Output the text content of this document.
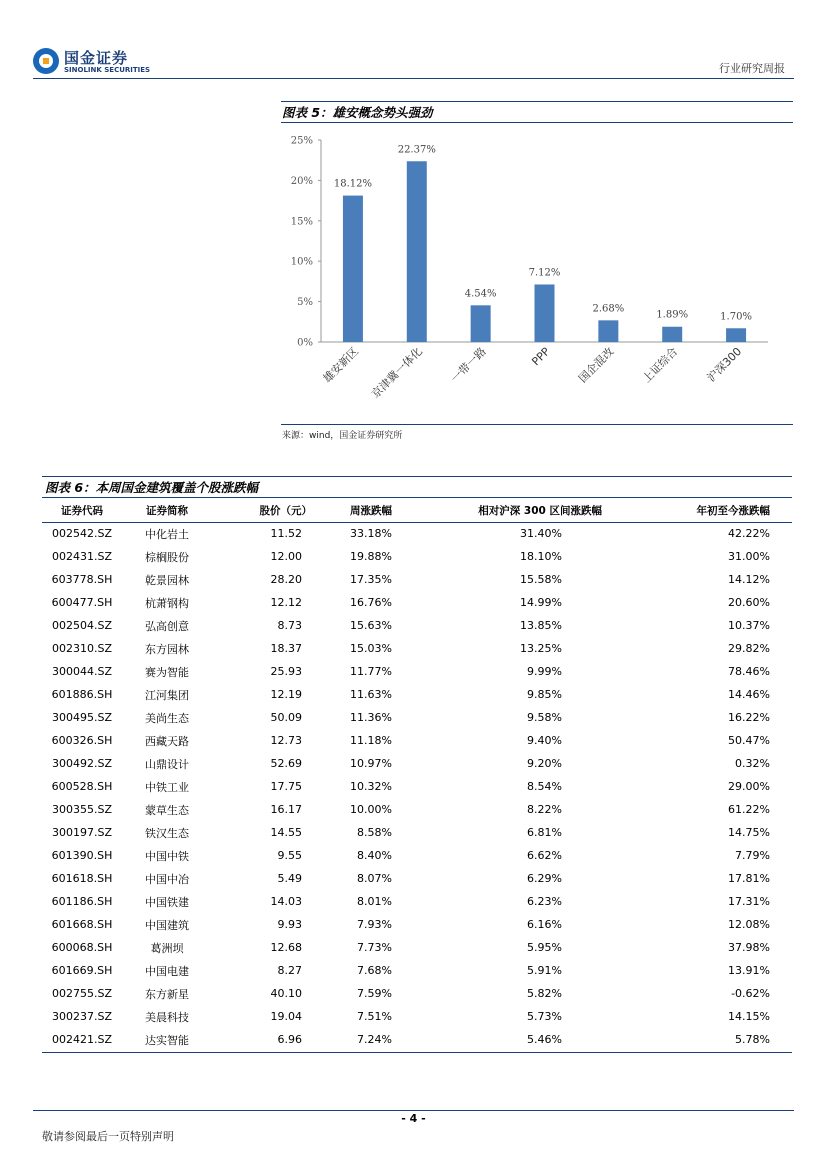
国金证券
SINOLINK SECURITIES	行业研究周报
图表 5：雄安概念势头强劲
0%
5%
10%
15%
20%
25%
18.12%
雄安新区
22.37%
京津冀一体化
4.54%
一带一路
7.12%
PPP
2.68%
国企混改
1.89%
上证综合
1.70%
沪深300
来源：wind，国金证券研究所
图表 6：本周国金建筑覆盖个股涨跌幅
证券代码	证券简称	股价（元）	周涨跌幅	相对沪深 300 区间涨跌幅	年初至今涨跌幅
002542.SZ	中化岩土	11.52	33.18%	31.40%	42.22%
002431.SZ	棕榈股份	12.00	19.88%	18.10%	31.00%
603778.SH	乾景园林	28.20	17.35%	15.58%	14.12%
600477.SH	杭萧钢构	12.12	16.76%	14.99%	20.60%
002504.SZ	弘高创意	8.73	15.63%	13.85%	10.37%
002310.SZ	东方园林	18.37	15.03%	13.25%	29.82%
300044.SZ	赛为智能	25.93	11.77%	9.99%	78.46%
601886.SH	江河集团	12.19	11.63%	9.85%	14.46%
300495.SZ	美尚生态	50.09	11.36%	9.58%	16.22%
600326.SH	西藏天路	12.73	11.18%	9.40%	50.47%
300492.SZ	山鼎设计	52.69	10.97%	9.20%	0.32%
600528.SH	中铁工业	17.75	10.32%	8.54%	29.00%
300355.SZ	蒙草生态	16.17	10.00%	8.22%	61.22%
300197.SZ	铁汉生态	14.55	8.58%	6.81%	14.75%
601390.SH	中国中铁	9.55	8.40%	6.62%	7.79%
601618.SH	中国中冶	5.49	8.07%	6.29%	17.81%
601186.SH	中国铁建	14.03	8.01%	6.23%	17.31%
601668.SH	中国建筑	9.93	7.93%	6.16%	12.08%
600068.SH	葛洲坝	12.68	7.73%	5.95%	37.98%
601669.SH	中国电建	8.27	7.68%	5.91%	13.91%
002755.SZ	东方新星	40.10	7.59%	5.82%	-0.62%
300237.SZ	美晨科技	19.04	7.51%	5.73%	14.15%
002421.SZ	达实智能	6.96	7.24%	5.46%	5.78%
- 4 -
敬请参阅最后一页特别声明
